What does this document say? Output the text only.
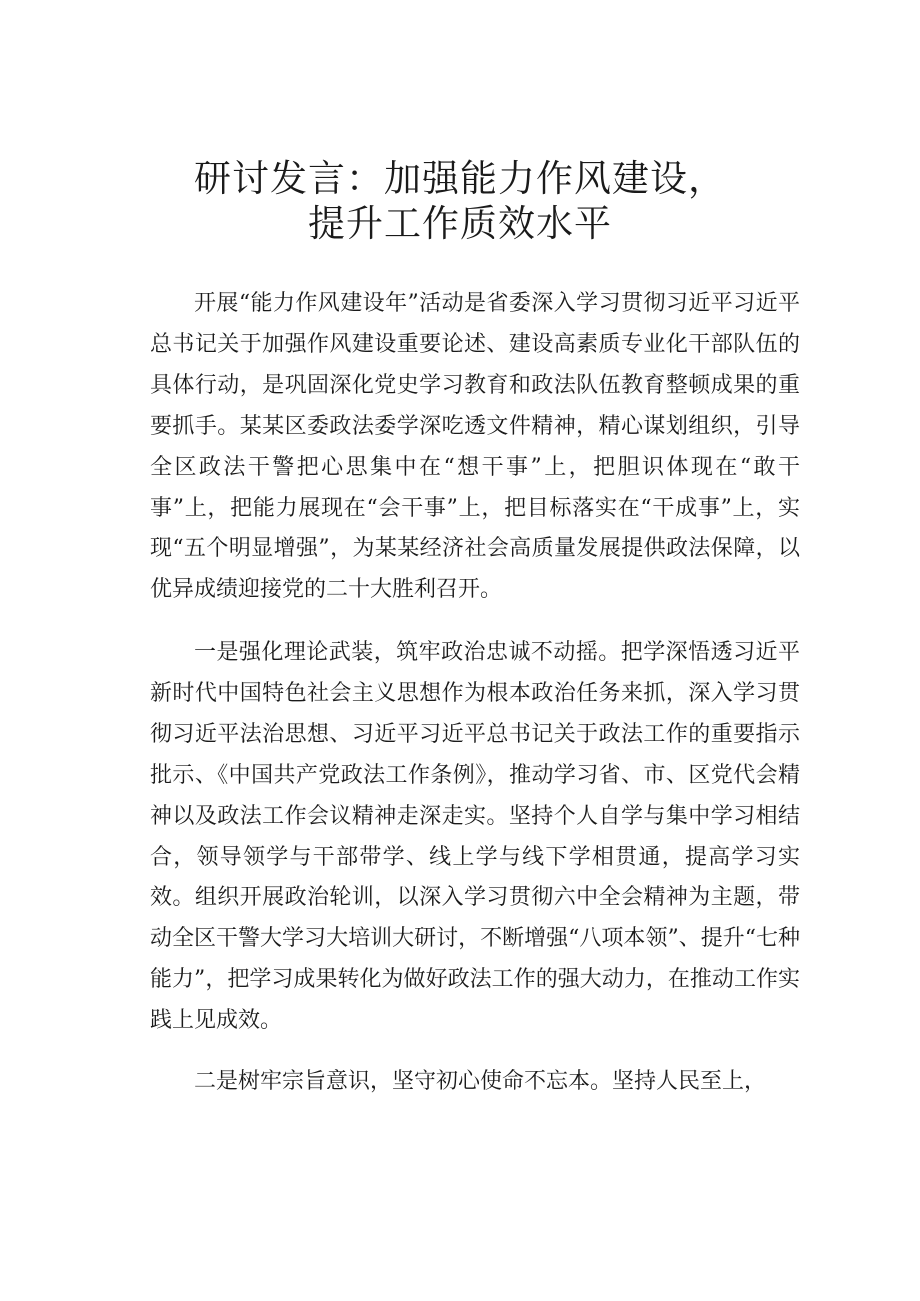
研讨发言：加强能力作风建设，
提升工作质效水平

开展“能力作风建设年”活动是省委深入学习贯彻习近平习近平总书记关于加强作风建设重要论述、建设高素质专业化干部队伍的具体行动，是巩固深化党史学习教育和政法队伍教育整顿成果的重要抓手。某某区委政法委学深吃透文件精神，精心谋划组织，引导全区政法干警把心思集中在“想干事”上，把胆识体现在“敢干事”上，把能力展现在“会干事”上，把目标落实在“干成事”上，实现“五个明显增强”，为某某经济社会高质量发展提供政法保障，以优异成绩迎接党的二十大胜利召开。

一是强化理论武装，筑牢政治忠诚不动摇。把学深悟透习近平新时代中国特色社会主义思想作为根本政治任务来抓，深入学习贯彻习近平法治思想、习近平习近平总书记关于政法工作的重要指示批示、《中国共产党政法工作条例》，推动学习省、市、区党代会精神以及政法工作会议精神走深走实。坚持个人自学与集中学习相结合，领导领学与干部带学、线上学与线下学相贯通，提高学习实效。组织开展政治轮训，以深入学习贯彻六中全会精神为主题，带动全区干警大学习大培训大研讨，不断增强“八项本领”、提升“七种能力”，把学习成果转化为做好政法工作的强大动力，在推动工作实践上见成效。

二是树牢宗旨意识，坚守初心使命不忘本。坚持人民至上，
